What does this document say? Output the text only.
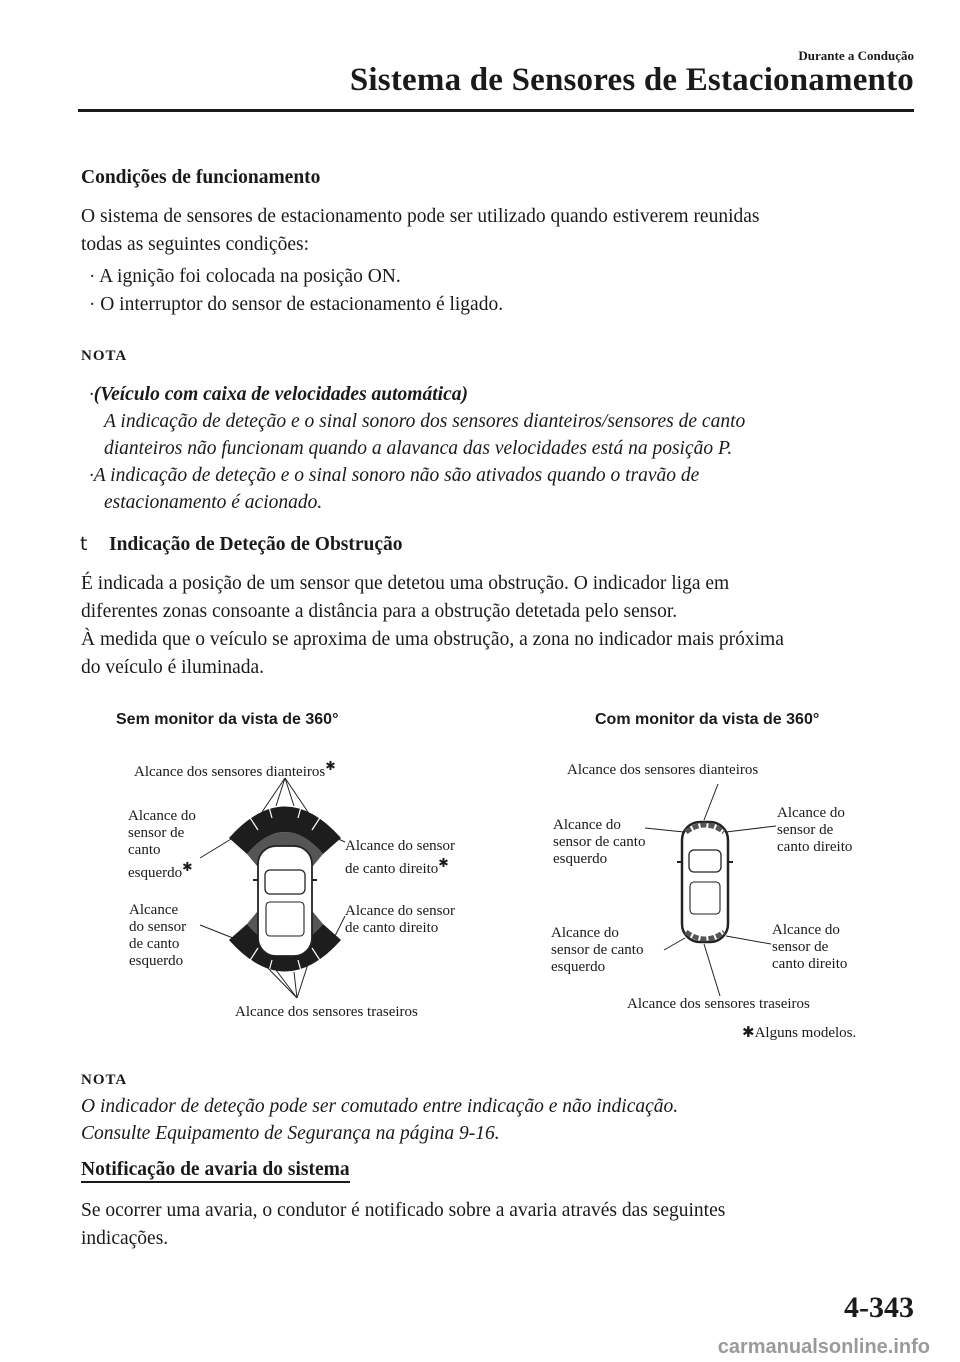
Durante a Condução
Sistema de Sensores de Estacionamento
Condições de funcionamento
O sistema de sensores de estacionamento pode ser utilizado quando estiverem reunidas
todas as seguintes condições:
· A ignição foi colocada na posição ON.
· O interruptor do sensor de estacionamento é ligado.
NOTA
·(Veículo com caixa de velocidades automática)
A indicação de deteção e o sinal sonoro dos sensores dianteiros/sensores de canto
dianteiros não funcionam quando a alavanca das velocidades está na posição P.
·A indicação de deteção e o sinal sonoro não são ativados quando o travão de
estacionamento é acionado.
t Indicação de Deteção de Obstrução
É indicada a posição de um sensor que detetou uma obstrução. O indicador liga em
diferentes zonas consoante a distância para a obstrução detetada pelo sensor.
À medida que o veículo se aproxima de uma obstrução, a zona no indicador mais próxima
do veículo é iluminada.
Sem monitor da vista de 360°
Alcance dos sensores dianteiros✱
Alcance do
sensor de
canto
esquerdo✱
Alcance do sensor
de canto direito✱
Alcance
do sensor
de canto
esquerdo
Alcance do sensor
de canto direito
Alcance dos sensores traseiros
Com monitor da vista de 360°
Alcance dos sensores dianteiros
Alcance do
sensor de canto
esquerdo
Alcance do
sensor de
canto direito
Alcance do
sensor de canto
esquerdo
Alcance do
sensor de
canto direito
Alcance dos sensores traseiros
✱Alguns modelos.
NOTA
O indicador de deteção pode ser comutado entre indicação e não indicação.
Consulte Equipamento de Segurança na página 9-16.
Notificação de avaria do sistema
Se ocorrer uma avaria, o condutor é notificado sobre a avaria através das seguintes
indicações.
4-343
carmanualsonline.info
